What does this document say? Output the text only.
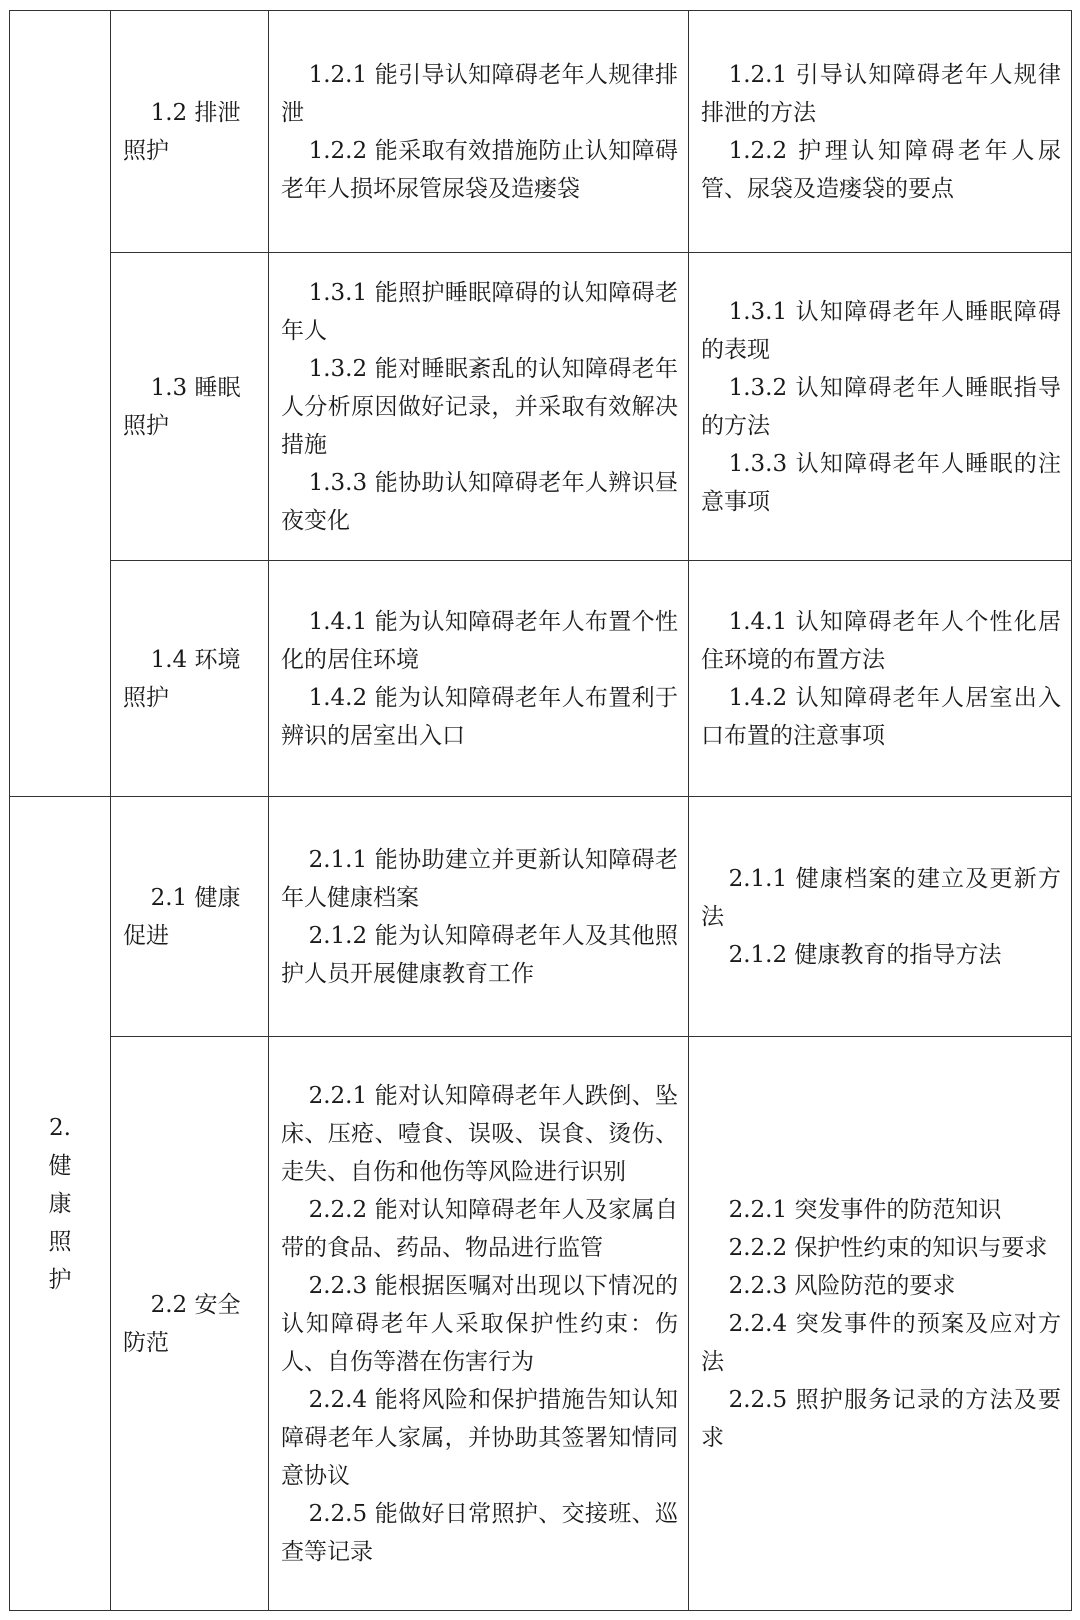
	1.2 排泄照护	1.2.1 能引导认知障碍老年人规律排泄
1.2.2 能采取有效措施防止认知障碍老年人损坏尿管尿袋及造瘘袋	1.2.1 引导认知障碍老年人规律排泄的方法
1.2.2 护理认知障碍老年人尿管、尿袋及造瘘袋的要点

	1.3 睡眠照护	1.3.1 能照护睡眠障碍的认知障碍老年人
1.3.2 能对睡眠紊乱的认知障碍老年人分析原因做好记录，并采取有效解决措施
1.3.3 能协助认知障碍老年人辨识昼夜变化	1.3.1 认知障碍老年人睡眠障碍的表现
1.3.2 认知障碍老年人睡眠指导的方法
1.3.3 认知障碍老年人睡眠的注意事项

	1.4 环境照护	1.4.1 能为认知障碍老年人布置个性化的居住环境
1.4.2 能为认知障碍老年人布置利于辨识的居室出入口	1.4.1 认知障碍老年人个性化居住环境的布置方法
1.4.2 认知障碍老年人居室出入口布置的注意事项

2.健康照护	2.1 健康促进	2.1.1 能协助建立并更新认知障碍老年人健康档案
2.1.2 能为认知障碍老年人及其他照护人员开展健康教育工作	2.1.1 健康档案的建立及更新方法
2.1.2 健康教育的指导方法

	2.2 安全防范	2.2.1 能对认知障碍老年人跌倒、坠床、压疮、噎食、误吸、误食、烫伤、走失、自伤和他伤等风险进行识别
2.2.2 能对认知障碍老年人及家属自带的食品、药品、物品进行监管
2.2.3 能根据医嘱对出现以下情况的认知障碍老年人采取保护性约束：伤人、自伤等潜在伤害行为
2.2.4 能将风险和保护措施告知认知障碍老年人家属，并协助其签署知情同意协议
2.2.5 能做好日常照护、交接班、巡查等记录	2.2.1 突发事件的防范知识
2.2.2 保护性约束的知识与要求
2.2.3 风险防范的要求
2.2.4 突发事件的预案及应对方法
2.2.5 照护服务记录的方法及要求
